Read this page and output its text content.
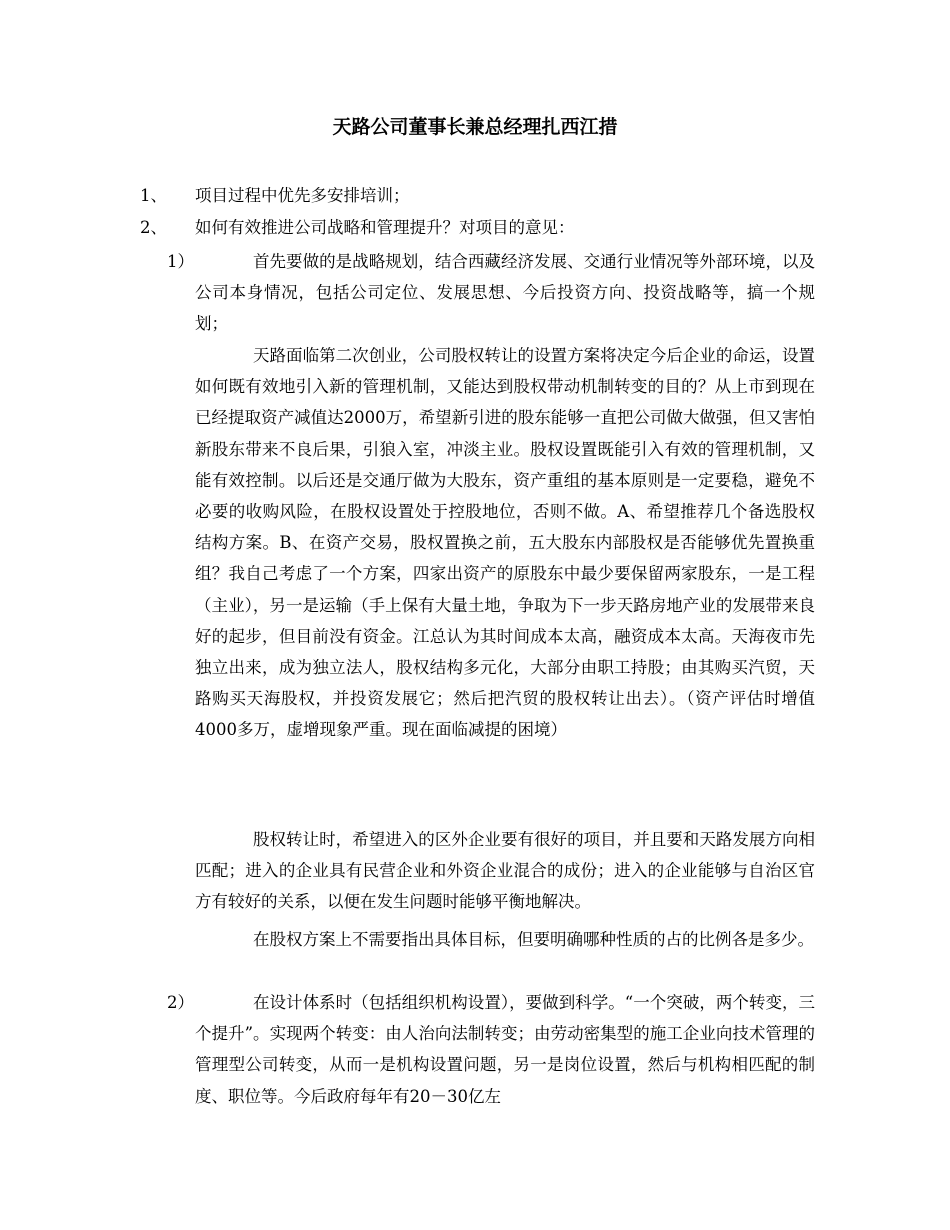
天路公司董事长兼总经理扎西江措
1、 项目过程中优先多安排培训；

2、 如何有效推进公司战略和管理提升？对项目的意见：

1）	首先要做的是战略规划，结合西藏经济发展、交通行业情况等外部环境，以及公司本身情况，包括公司定位、发展思想、今后投资方向、投资战略等，搞一个规划；

天路面临第二次创业，公司股权转让的设置方案将决定今后企业的命运，设置如何既有效地引入新的管理机制，又能达到股权带动机制转变的目的？从上市到现在已经提取资产减值达2000万，希望新引进的股东能够一直把公司做大做强，但又害怕新股东带来不良后果，引狼入室，冲淡主业。股权设置既能引入有效的管理机制，又能有效控制。以后还是交通厅做为大股东，资产重组的基本原则是一定要稳，避免不必要的收购风险，在股权设置处于控股地位，否则不做。A、希望推荐几个备选股权结构方案。B、在资产交易，股权置换之前，五大股东内部股权是否能够优先置换重组？我自己考虑了一个方案，四家出资产的原股东中最少要保留两家股东，一是工程（主业），另一是运输（手上保有大量土地，争取为下一步天路房地产业的发展带来良好的起步，但目前没有资金。江总认为其时间成本太高，融资成本太高。天海夜市先独立出来，成为独立法人，股权结构多元化，大部分由职工持股；由其购买汽贸，天路购买天海股权，并投资发展它；然后把汽贸的股权转让出去）。（资产评估时增值4000多万，虚增现象严重。现在面临减提的困境）

股权转让时，希望进入的区外企业要有很好的项目，并且要和天路发展方向相匹配；进入的企业具有民营企业和外资企业混合的成份；进入的企业能够与自治区官方有较好的关系，以便在发生问题时能够平衡地解决。

在股权方案上不需要指出具体目标，但要明确哪种性质的占的比例各是多少。

2）	在设计体系时（包括组织机构设置），要做到科学。“一个突破，两个转变，三个提升”。实现两个转变：由人治向法制转变；由劳动密集型的施工企业向技术管理的管理型公司转变，从而一是机构设置问题，另一是岗位设置，然后与机构相匹配的制度、职位等。今后政府每年有20－30亿左
